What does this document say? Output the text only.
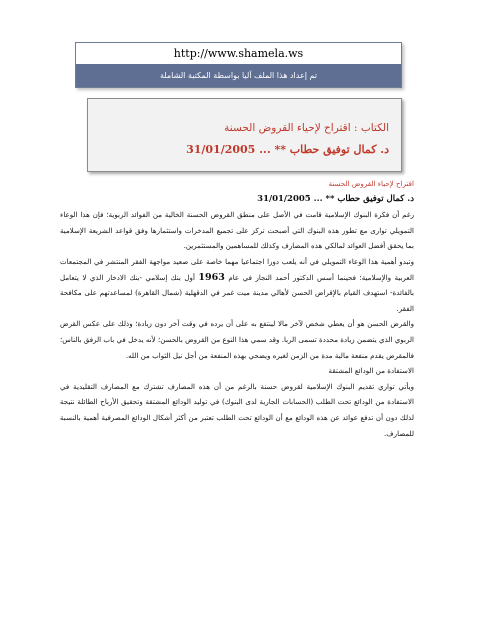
http://www.shamela.ws
تم إعداد هذا الملف آليا بواسطة المكتبة الشاملة
الكتاب : اقتراح لإحياء القروض الحسنة
د. كمال توفيق حطاب ** ... 31/01/2005

اقتراح لإحياء القروض الحسنة

د. كمال توفيق حطاب ** ... 31/01/2005

رغم أن فكرة البنوك الإسلامية قامت في الأصل على منطق القروض الحسنة الخالية من الفوائد الربوية؛ فإن هذا الوعاء التمويلي توارى مع تطور هذه البنوك التي أصبحت تركز على تجميع المدخرات واستثمارها وفق قواعد الشريعة الإسلامية بما يحقق أفضل العوائد لمالكي هذه المصارف وكذلك للمساهمين والمستثمرين.

وتبدو أهمية هذا الوعاء التمويلي في أنه يلعب دورا اجتماعيا مهما خاصة على صعيد مواجهة الفقر المنتشر في المجتمعات العربية والإسلامية؛ فحينما أسس الدكتور أحمد النجار في عام 1963 أول بنك إسلامي -بنك الادخار الذي لا يتعامل بالفائدة- استهدف القيام بالإقراض الحسن لأهالي مدينة ميت غمر في الدقهلية (شمال القاهرة) لمساعدتهم على مكافحة الفقر.

والقرض الحسن هو أن يعطي شخص لآخر مالا لينتفع به على أن يرده في وقت آخر دون زيادة؛ وذلك على عكس القرض الربوي الذي يتضمن زيادة محددة تسمى الربا. وقد سمي هذا النوع من القروض بالحسن؛ لأنه يدخل في باب الرفق بالناس؛ فالمقرض يقدم منفعة مالية مدة من الزمن لغيره ويضحي بهذه المنفعة من أجل نيل الثواب من الله.

الاستفادة من الودائع المشتقة

ويأتي تواري تقديم البنوك الإسلامية لقروض حسنة بالرغم من أن هذه المصارف تشترك مع المصارف التقليدية في الاستفادة من الودائع تحت الطلب (الحسابات الجارية لدى البنوك) في توليد الودائع المشتقة وتحقيق الأرباح الطائلة نتيجة لذلك دون أن تدفع عوائد عن هذه الودائع مع أن الودائع تحت الطلب تعتبر من أكثر أشكال الودائع المصرفية أهمية بالنسبة للمصارف.
